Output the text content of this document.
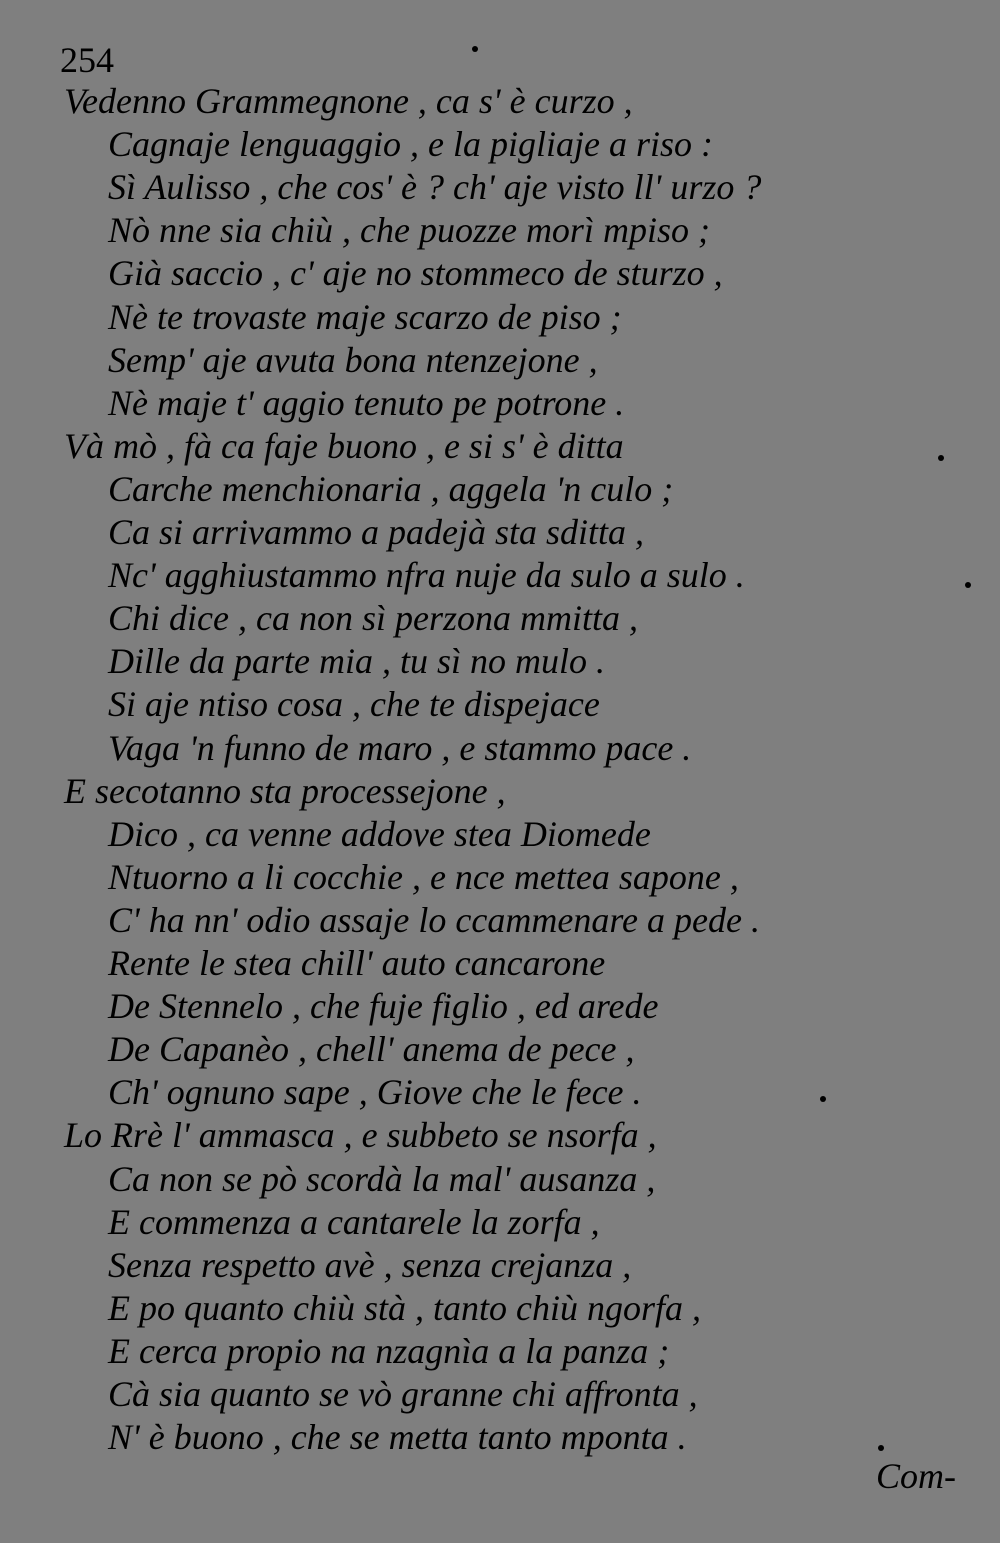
254
Vedenno Grammegnone , ca s' è curzo ,
Cagnaje lenguaggio , e la pigliaje a riso :
Sì Aulisso , che cos' è ? ch' aje visto ll' urzo ?
Nò nne sia chiù , che puozze morì mpiso ;
Già saccio , c' aje no stommeco de sturzo ,
Nè te trovaste maje scarzo de piso ;
Semp' aje avuta bona ntenzejone ,
Nè maje t' aggio tenuto pe potrone .
Và mò , fà ca faje buono , e si s' è ditta
Carche menchionaria , aggela 'n culo ;
Ca si arrivammo a padejà sta sditta ,
Nc' agghiustammo nfra nuje da sulo a sulo .
Chi dice , ca non sì perzona mmitta ,
Dille da parte mia , tu sì no mulo .
Si aje ntiso cosa , che te dispejace
Vaga 'n funno de maro , e stammo pace .
E secotanno sta processejone ,
Dico , ca venne addove stea Diomede
Ntuorno a li cocchie , e nce mettea sapone ,
C' ha nn' odio assaje lo ccammenare a pede .
Rente le stea chill' auto cancarone
De Stennelo , che fuje figlio , ed arede
De Capanèo , chell' anema de pece ,
Ch' ognuno sape , Giove che le fece .
Lo Rrè l' ammasca , e subbeto se nsorfa ,
Ca non se pò scordà la mal' ausanza ,
E commenza a cantarele la zorfa ,
Senza respetto avè , senza crejanza ,
E po quanto chiù stà , tanto chiù ngorfa ,
E cerca propio na nzagnìa a la panza ;
Cà sia quanto se vò granne chi affronta ,
N' è buono , che se metta tanto mponta .
Com-
